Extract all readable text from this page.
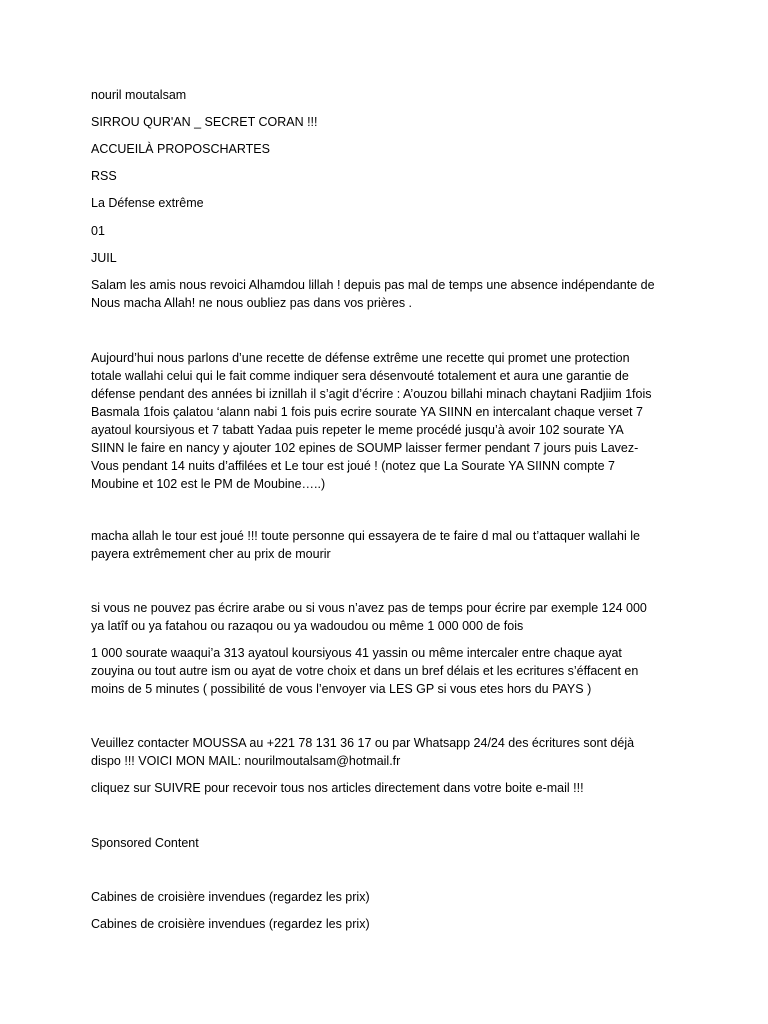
nouril moutalsam

SIRROU QUR'AN _ SECRET CORAN !!!

ACCUEILÀ PROPOSCHARTES

RSS

La Défense extrême

01

JUIL

Salam les amis nous revoici Alhamdou lillah ! depuis pas mal de temps une absence indépendante de
Nous macha Allah! ne nous oubliez pas dans vos prières .

Aujourd’hui nous parlons d’une recette de défense extrême une recette qui promet une protection
totale wallahi celui qui le fait comme indiquer sera désenvouté totalement et aura une garantie de
défense pendant des années bi iznillah il s’agit d’écrire : A’ouzou billahi minach chaytani Radjiim 1fois
Basmala 1fois çalatou ‘alann nabi 1 fois puis ecrire sourate YA SIINN en intercalant chaque verset 7
ayatoul koursiyous et 7 tabatt Yadaa puis repeter le meme procédé jusqu’à avoir 102 sourate YA
SIINN le faire en nancy y ajouter 102 epines de SOUMP laisser fermer pendant 7 jours puis Lavez-
Vous pendant 14 nuits d’affilées et Le tour est joué ! (notez que La Sourate YA SIINN compte 7
Moubine et 102 est le PM de Moubine…..)

macha allah le tour est joué !!! toute personne qui essayera de te faire d mal ou t’attaquer wallahi le
payera extrêmement cher au prix de mourir

si vous ne pouvez pas écrire arabe ou si vous n’avez pas de temps pour écrire par exemple 124 000
ya latîf ou ya fatahou ou razaqou ou ya wadoudou ou même 1 000 000 de fois

1 000 sourate waaqui’a 313 ayatoul koursiyous 41 yassin ou même intercaler entre chaque ayat
zouyina ou tout autre ism ou ayat de votre choix et dans un bref délais et les ecritures s’éffacent en
moins de 5 minutes ( possibilité de vous l’envoyer via LES GP si vous etes hors du PAYS )

Veuillez contacter MOUSSA au +221 78 131 36 17 ou par Whatsapp 24/24 des écritures sont déjà
dispo !!! VOICI MON MAIL: nourilmoutalsam@hotmail.fr

cliquez sur SUIVRE pour recevoir tous nos articles directement dans votre boite e-mail !!!

Sponsored Content

Cabines de croisière invendues (regardez les prix)

Cabines de croisière invendues (regardez les prix)
